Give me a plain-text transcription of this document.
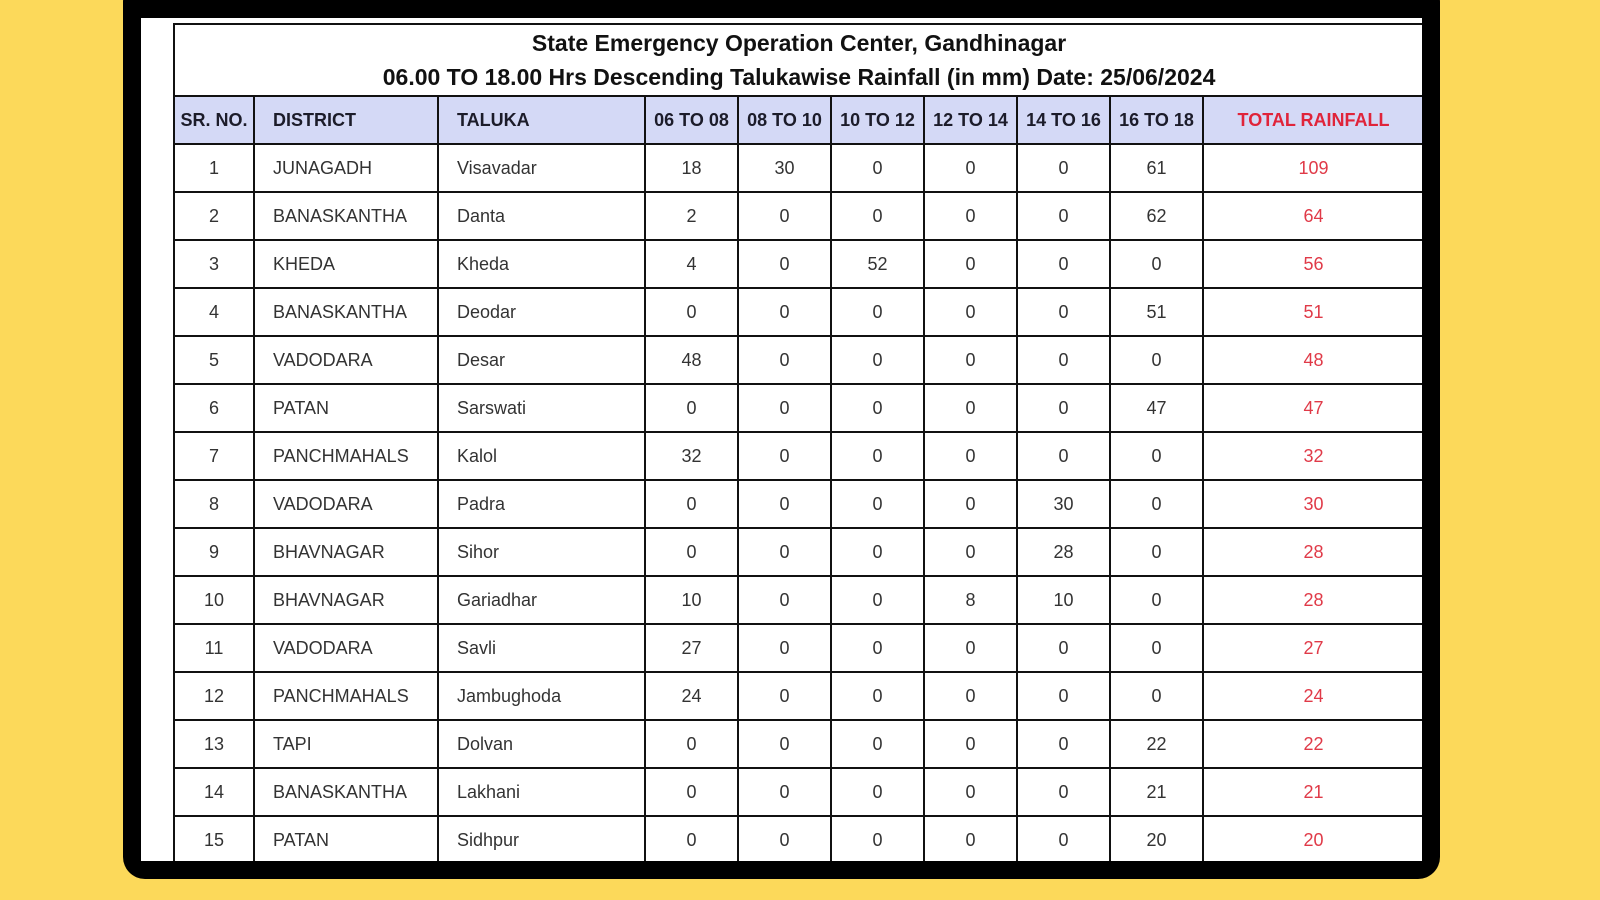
State Emergency Operation Center, Gandhinagar
06.00 TO 18.00 Hrs Descending Talukawise Rainfall (in mm) Date: 25/06/2024									

SR. NO.	DISTRICT	TALUKA	06 TO 08	08 TO 10	10 TO 12	12 TO 14	14 TO 16	16 TO 18	TOTAL RAINFALL
1	JUNAGADH	Visavadar	18	30	0	0	0	61	109
2	BANASKANTHA	Danta	2	0	0	0	0	62	64
3	KHEDA	Kheda	4	0	52	0	0	0	56
4	BANASKANTHA	Deodar	0	0	0	0	0	51	51
5	VADODARA	Desar	48	0	0	0	0	0	48
6	PATAN	Sarswati	0	0	0	0	0	47	47
7	PANCHMAHALS	Kalol	32	0	0	0	0	0	32
8	VADODARA	Padra	0	0	0	0	30	0	30
9	BHAVNAGAR	Sihor	0	0	0	0	28	0	28
10	BHAVNAGAR	Gariadhar	10	0	0	8	10	0	28
11	VADODARA	Savli	27	0	0	0	0	0	27
12	PANCHMAHALS	Jambughoda	24	0	0	0	0	0	24
13	TAPI	Dolvan	0	0	0	0	0	22	22
14	BANASKANTHA	Lakhani	0	0	0	0	0	21	21
15	PATAN	Sidhpur	0	0	0	0	0	20	20
